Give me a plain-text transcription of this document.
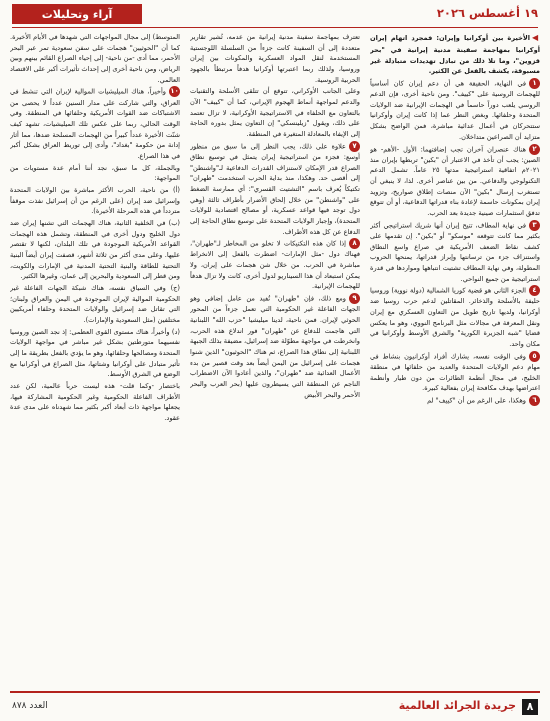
١٩ أغسطس ٢٠٢٦
آراء وتحليلات

◀الأخيرة بين أوكرانيا وإيران: فمجرد اتهام إيران أوكرانيا بمهاجمة سفينة مدنية إيرانية في "بحر قزوين"، وما تلا ذلك من تبادل تهديدات متبادلة غير مسبوقة، يكشف بالفعل عن الكثير.

١في النهاية، الحقيقة هي أن دعم إيران كان أساسياً للهجمات الروسية على "كييف". ومن ناحية أخرى، فإن الدعم الروسي يلعب دوراً حاسماً في الهجمات الإيرانية ضد الولايات المتحدة وحلفائها. وبغض النظر عما إذا كانت إيران وأوكرانيا ستتحركان في أعمال عدائية مباشرة، فمن الواضح بشكل متزايد أن الصراعين متداخلان.

٢هناك عنصران آخران تجب إضافتهما: الأول -الأهم- هو الصين: يجب أن تأخذ في الاعتبار أن "بكين" تربطها بإيران منذ ٢٠٢١م اتفاقية استراتيجية مدتها ٢٥ عاماً. تشمل الدعم التكنولوجي والدفاعي. من بين عناصر أخرى. لذا، لا ينبغي أن تستغرب إرسال "بكين" الآن منصات إطلاق صواريخ، وتزويد إيران بمكونات حاسمة لإعادة بناء قدراتها الدفاعية، أو أن تتوقع تدفق استثمارات صينية جديدة بعد الحرب.

٣في نهاية المطاف، تتيح إيران أنها شريك استراتيجي أكثر بكثير مما كانت تتوقعه "موسكو" أو "بكين". إن تقدمها على كشف نقاط الضعف الأمريكية في صراع واسع النطاق واستنزاف جزء من ترسانتها وإبراز قدراتها، يمنحها الحروب المطولة، وفي نهاية المطاف تشتيت انتباهها ومواردها في قدرة استراتيجية من جميع النواحي.

٤الجزء الثاني هو قضية كوريا الشمالية (دولة نووية) وروسيا حليفة بالأسلحة والذخائر. المقاتلين لدعم حرب روسيا ضد أوكرانيا، ولديها تاريخ طويل من التعاون العسكري مع إيران ونقل المعرفة في مجالات مثل البرنامج النووي، وهو ما يعكس قضايا "شبه الجزيرة الكورية" والشرق الأوسط وأوكرانيا في مكان واحد.

٥وفي الوقت نفسه، يشارك أفراد أوكرانيون بنشاط في مهام دعم الولايات المتحدة والعديد من حلفائها في منطقة الخليج، في مجال أنظمة الطائرات من دون طيار وأنظمة اعتراضها بهدف مكافحة إيران بفعالية كبيرة.

٦وهكذا، على الرغم من أن "كييف" لم

تعترف بمهاجمة سفينة مدنية إيرانية من عدمه، تُشير تقارير متعددة إلى أن السفينة كانت جزءاً من السلسلة اللوجستية المستخدمة لنقل المواد العسكرية والمكونات بين إيران وروسيا، ولذلك ربما اعتبرتها أوكرانيا هدفاً مرتبطاً بالجهود الحربية الروسية.

وعلى الجانب الأوكراني، تتوقع أن تتلقى الأسلحة والتقنيات والدعم لمواجهة أنماط الهجوم الإيراني، كما أن "كييف" الآن بالتعاون مع الحلفاء في الاستراتيجية الأوكرانية، لا تزال تعتمد على ذلك، ويقول "زيلينسكي" إن التعاون يمثل بدوره الحاجة إلى الإيفاء بالمعادلة المتغيرة في المنطقة.

٧علاوة على ذلك، يجب النظر إلى ما سبق من منظور أوسع: فجزء من استراتيجية إيران يتمثل في توسيع نطاق الصراع قدر الإمكان لاستنزاف القدرات الدفاعية لـ"واشنطن" إلى أقصى حد. وهكذا، منذ بداية الحرب استخدمت "طهران" تكتيكاً يُعرف باسم "التشتيت القسري": أي ممارسة الضغط على "واشنطن" من خلال إلحاق الأضرار بأطراف ثالثة (وهي دول توجد فيها قواعد عسكرية، أو مصالح اقتصادية للولايات المتحدة)، وإجبار الولايات المتحدة على توسيع نطاق الحاجة إلى الدفاع عن كل هذه الأطراف.

٨إذا كان هذه التكتيكات لا تخلو من المخاطر لـ"طهران"، فهناك دول -مثل الإمارات- اضطرت بالفعل إلى الانخراط مباشرة في الحرب. من خلال شن هجمات على إيران، ولا يمكن استبعاد أن هذا السيناريو لدول أخرى، كانت ولا تزال هدفاً للهجمات الإيرانية.

٩ومع ذلك، فإن "طهران" تُفيد من عامل إضافي وهو الجهات الفاعلة غير الحكومية التي تعمل جزءاً من المحور الحوثي لإيران. فمن ناحية، لدينا ميليشيا "حزب الله" اللبنانية التي هاجمت للدفاع عن "طهران" فور اندلاع هذه الحرب، وانخرطت في مواجهة مطوّلة ضد إسرائيل، مضيفة بذلك الجبهة اللبنانية إلى نطاق هذا الصراع، ثم هناك "الحوثيون" الذين شنوا هجمات على إسرائيل من اليمن أيضاً بعد وقت قصير من بدء الأعمال العدائية ضد "طهران"، والذين أعادوا الآن الاضطراب الناجم عن المنطقة التي يسيطرون عليها (بحر العرب والبحر الأحمر والبحر الأبيض

المتوسط) إلى مجال المواجهات التي شهدها في الأيام الأخيرة. كما أن "الحوثيين" هجمات على سفن سعودية تمر عبر البحر الأحمر، مما أدى -من ناحية- إلى إحياء الصراع القائم بينهم وبين الرياض، ومن ناحية أخرى إلى إحداث تأثيرات أكبر على الاقتصاد العالمي.

١٠وأخيراً، هناك الميليشيات الموالية لإيران التي تنشط في العراق، والتي شاركت على مدار السنين عدداً لا يحصى من الاشتباكات ضد القوات الأمريكية وحلفائها في المنطقة. وفي الوقت الحالي، ربما على عكس تلك الميليشيات، تشهد كيف شنّت الأخيرة عدداً كبيراً من الهجمات المسلحة ضدها، مما أثار إدانة من حكومة "بغداد"، وأدى إلى توريط العراق بشكل أكبر في هذا الصراع.

وبالجملة، كل ما سبق، نجد أننا أمام عدة مستويات من المواجهة:

(أ) من ناحية، الحرب الأكثر مباشرة بين الولايات المتحدة وإسرائيل ضد إيران (على الرغم من أن إسرائيل نفذت موقفاً متردداً في هذه المرحلة الأخيرة).

(ب) في الخلفية الثانية، هناك الهجمات التي تشنها إيران ضد دول الخليج ودول أخرى في المنطقة، وتشمل هذه الهجمات القواعد الأمريكية الموجودة في تلك البلدان، لكنها لا تقتصر عليها. وعلى مدى أكثر من ثلاثة أشهر، قصفت إيران أيضاً البنية التحتية للطاقة والبنية التحتية المدنية في الإمارات والكويت، ومن قطر إلى السعودية والبحرين إلى عمان، وغيرها الكثير.

(ج) وفي السياق نفسه، هناك شبكة الجهات الفاعلة غير الحكومية الموالية لإيران الموجودة في اليمن والعراق ولبنان؛ التي تقاتل ضد إسرائيل والولايات المتحدة وحلفاء أمريكيين مختلفين (مثل السعودية والإمارات).

(د) وأخيراً، هناك مستوى القوى العظمى: إذ نجد الصين وروسيا نفسيهما متورطتين بشكل غير مباشر في مواجهة الولايات المتحدة ومصالحها وحلفائها، وهو ما يؤدي بالفعل بطريقة ما إلى تأثير متبادل على أوكرانيا وشتاتها، مثل الصراع في أوكرانيا مع الوضع في الشرق الأوسط.

باختصار -وكما قلت- هذه ليست حرباً عالمية، لكن عدد الأطراف الفاعلة الحكومية وغير الحكومية المشاركة فيها، يجعلها مواجهة ذات أبعاد أكبر بكثير مما شهدناه على مدى عدة عقود.

٨
جريدة الجرائد العالمية
العدد ٨٧٨
